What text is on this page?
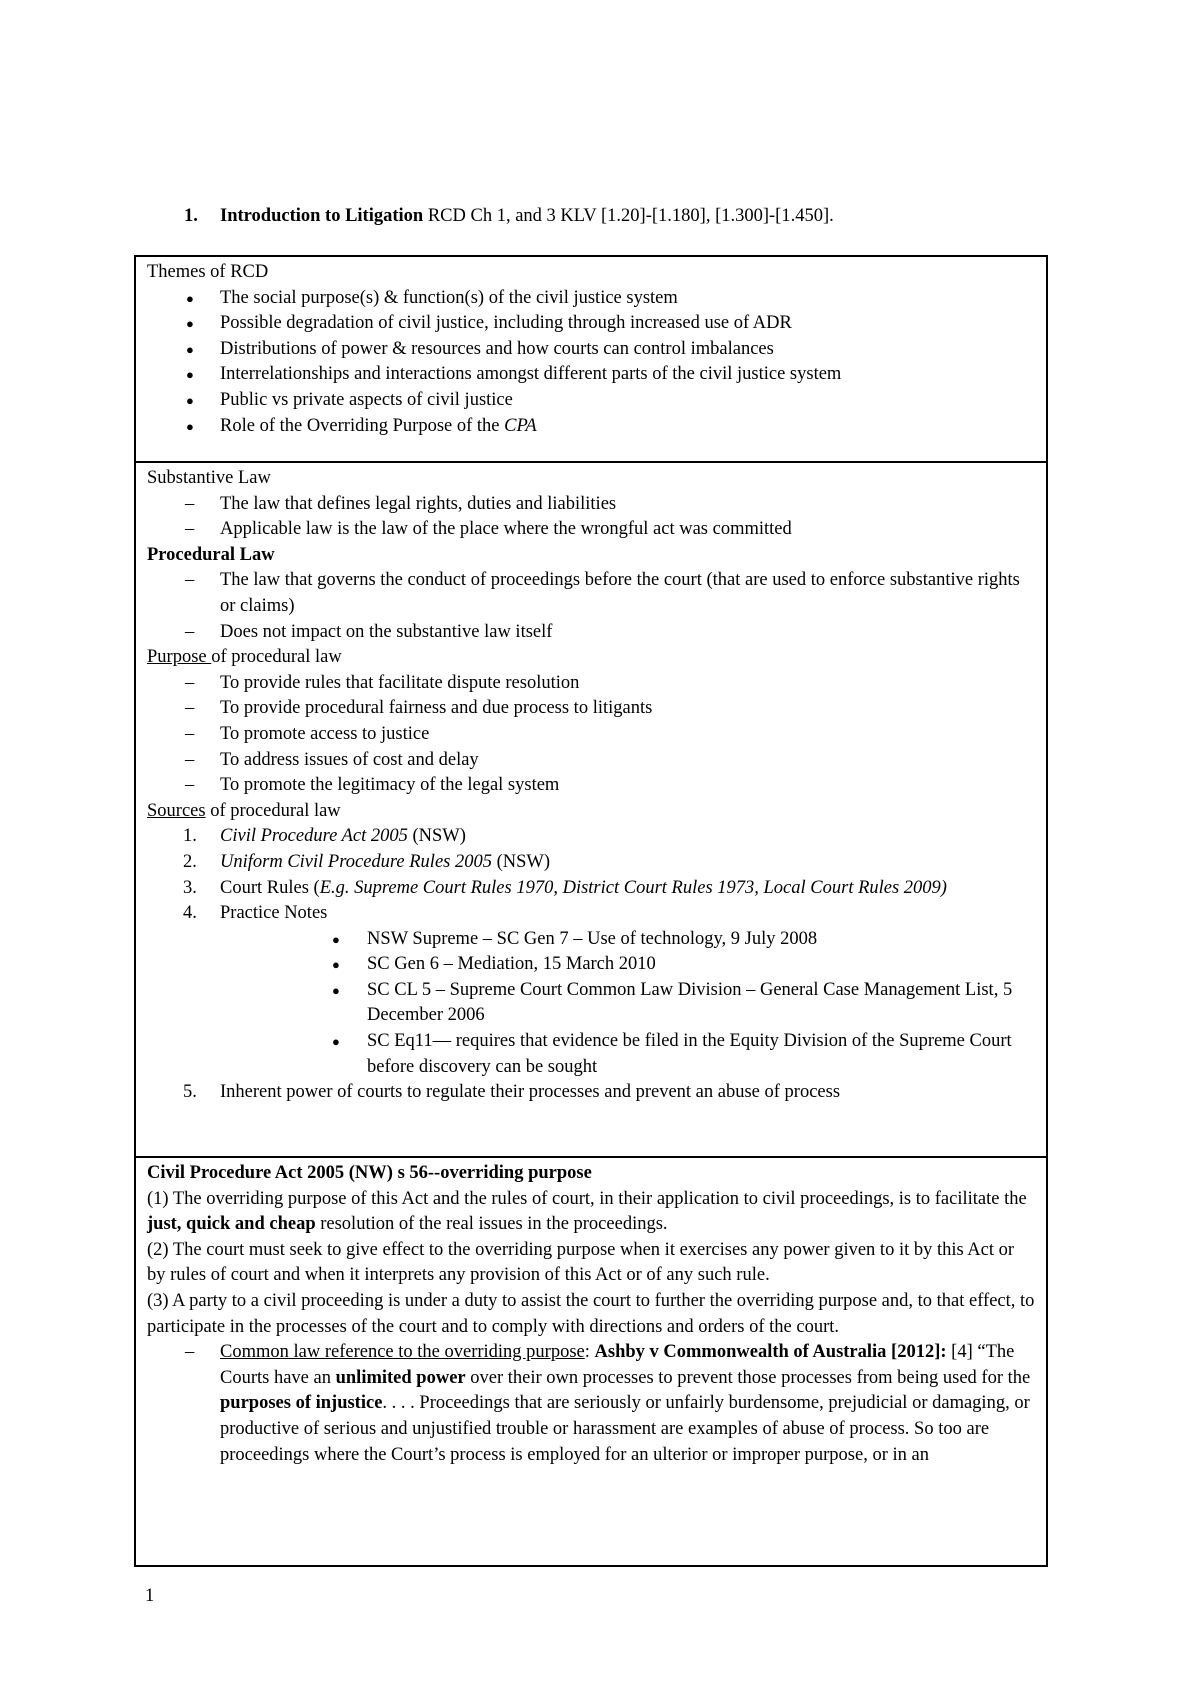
1. Introduction to Litigation RCD Ch 1, and 3 KLV [1.20]-[1.180], [1.300]-[1.450].

Themes of RCD

● The social purpose(s) & function(s) of the civil justice system
● Possible degradation of civil justice, including through increased use of ADR
● Distributions of power & resources and how courts can control imbalances
● Interrelationships and interactions amongst different parts of the civil justice system
● Public vs private aspects of civil justice
● Role of the Overriding Purpose of the CPA

Substantive Law

– The law that defines legal rights, duties and liabilities
– Applicable law is the law of the place where the wrongful act was committed

Procedural Law

– The law that governs the conduct of proceedings before the court (that are used to enforce substantive rights or claims)
– Does not impact on the substantive law itself

Purpose of procedural law

– To provide rules that facilitate dispute resolution
– To provide procedural fairness and due process to litigants
– To promote access to justice
– To address issues of cost and delay
– To promote the legitimacy of the legal system

Sources of procedural law

1. Civil Procedure Act 2005 (NSW)
2. Uniform Civil Procedure Rules 2005 (NSW)
3. Court Rules (E.g. Supreme Court Rules 1970, District Court Rules 1973, Local Court Rules 2009)
4. Practice Notes
● NSW Supreme – SC Gen 7 – Use of technology, 9 July 2008
● SC Gen 6 – Mediation, 15 March 2010
● SC CL 5 – Supreme Court Common Law Division – General Case Management List, 5 December 2006
● SC Eq11— requires that evidence be filed in the Equity Division of the Supreme Court before discovery can be sought
5. Inherent power of courts to regulate their processes and prevent an abuse of process

Civil Procedure Act 2005 (NW) s 56--overriding purpose

(1) The overriding purpose of this Act and the rules of court, in their application to civil proceedings, is to facilitate the just, quick and cheap resolution of the real issues in the proceedings.

(2) The court must seek to give effect to the overriding purpose when it exercises any power given to it by this Act or by rules of court and when it interprets any provision of this Act or of any such rule.

(3) A party to a civil proceeding is under a duty to assist the court to further the overriding purpose and, to that effect, to participate in the processes of the court and to comply with directions and orders of the court.

– Common law reference to the overriding purpose: Ashby v Commonwealth of Australia [2012]: [4] “The Courts have an unlimited power over their own processes to prevent those processes from being used for the purposes of injustice. . . . Proceedings that are seriously or unfairly burdensome, prejudicial or damaging, or productive of serious and unjustified trouble or harassment are examples of abuse of process. So too are proceedings where the Court’s process is employed for an ulterior or improper purpose, or in an
1
